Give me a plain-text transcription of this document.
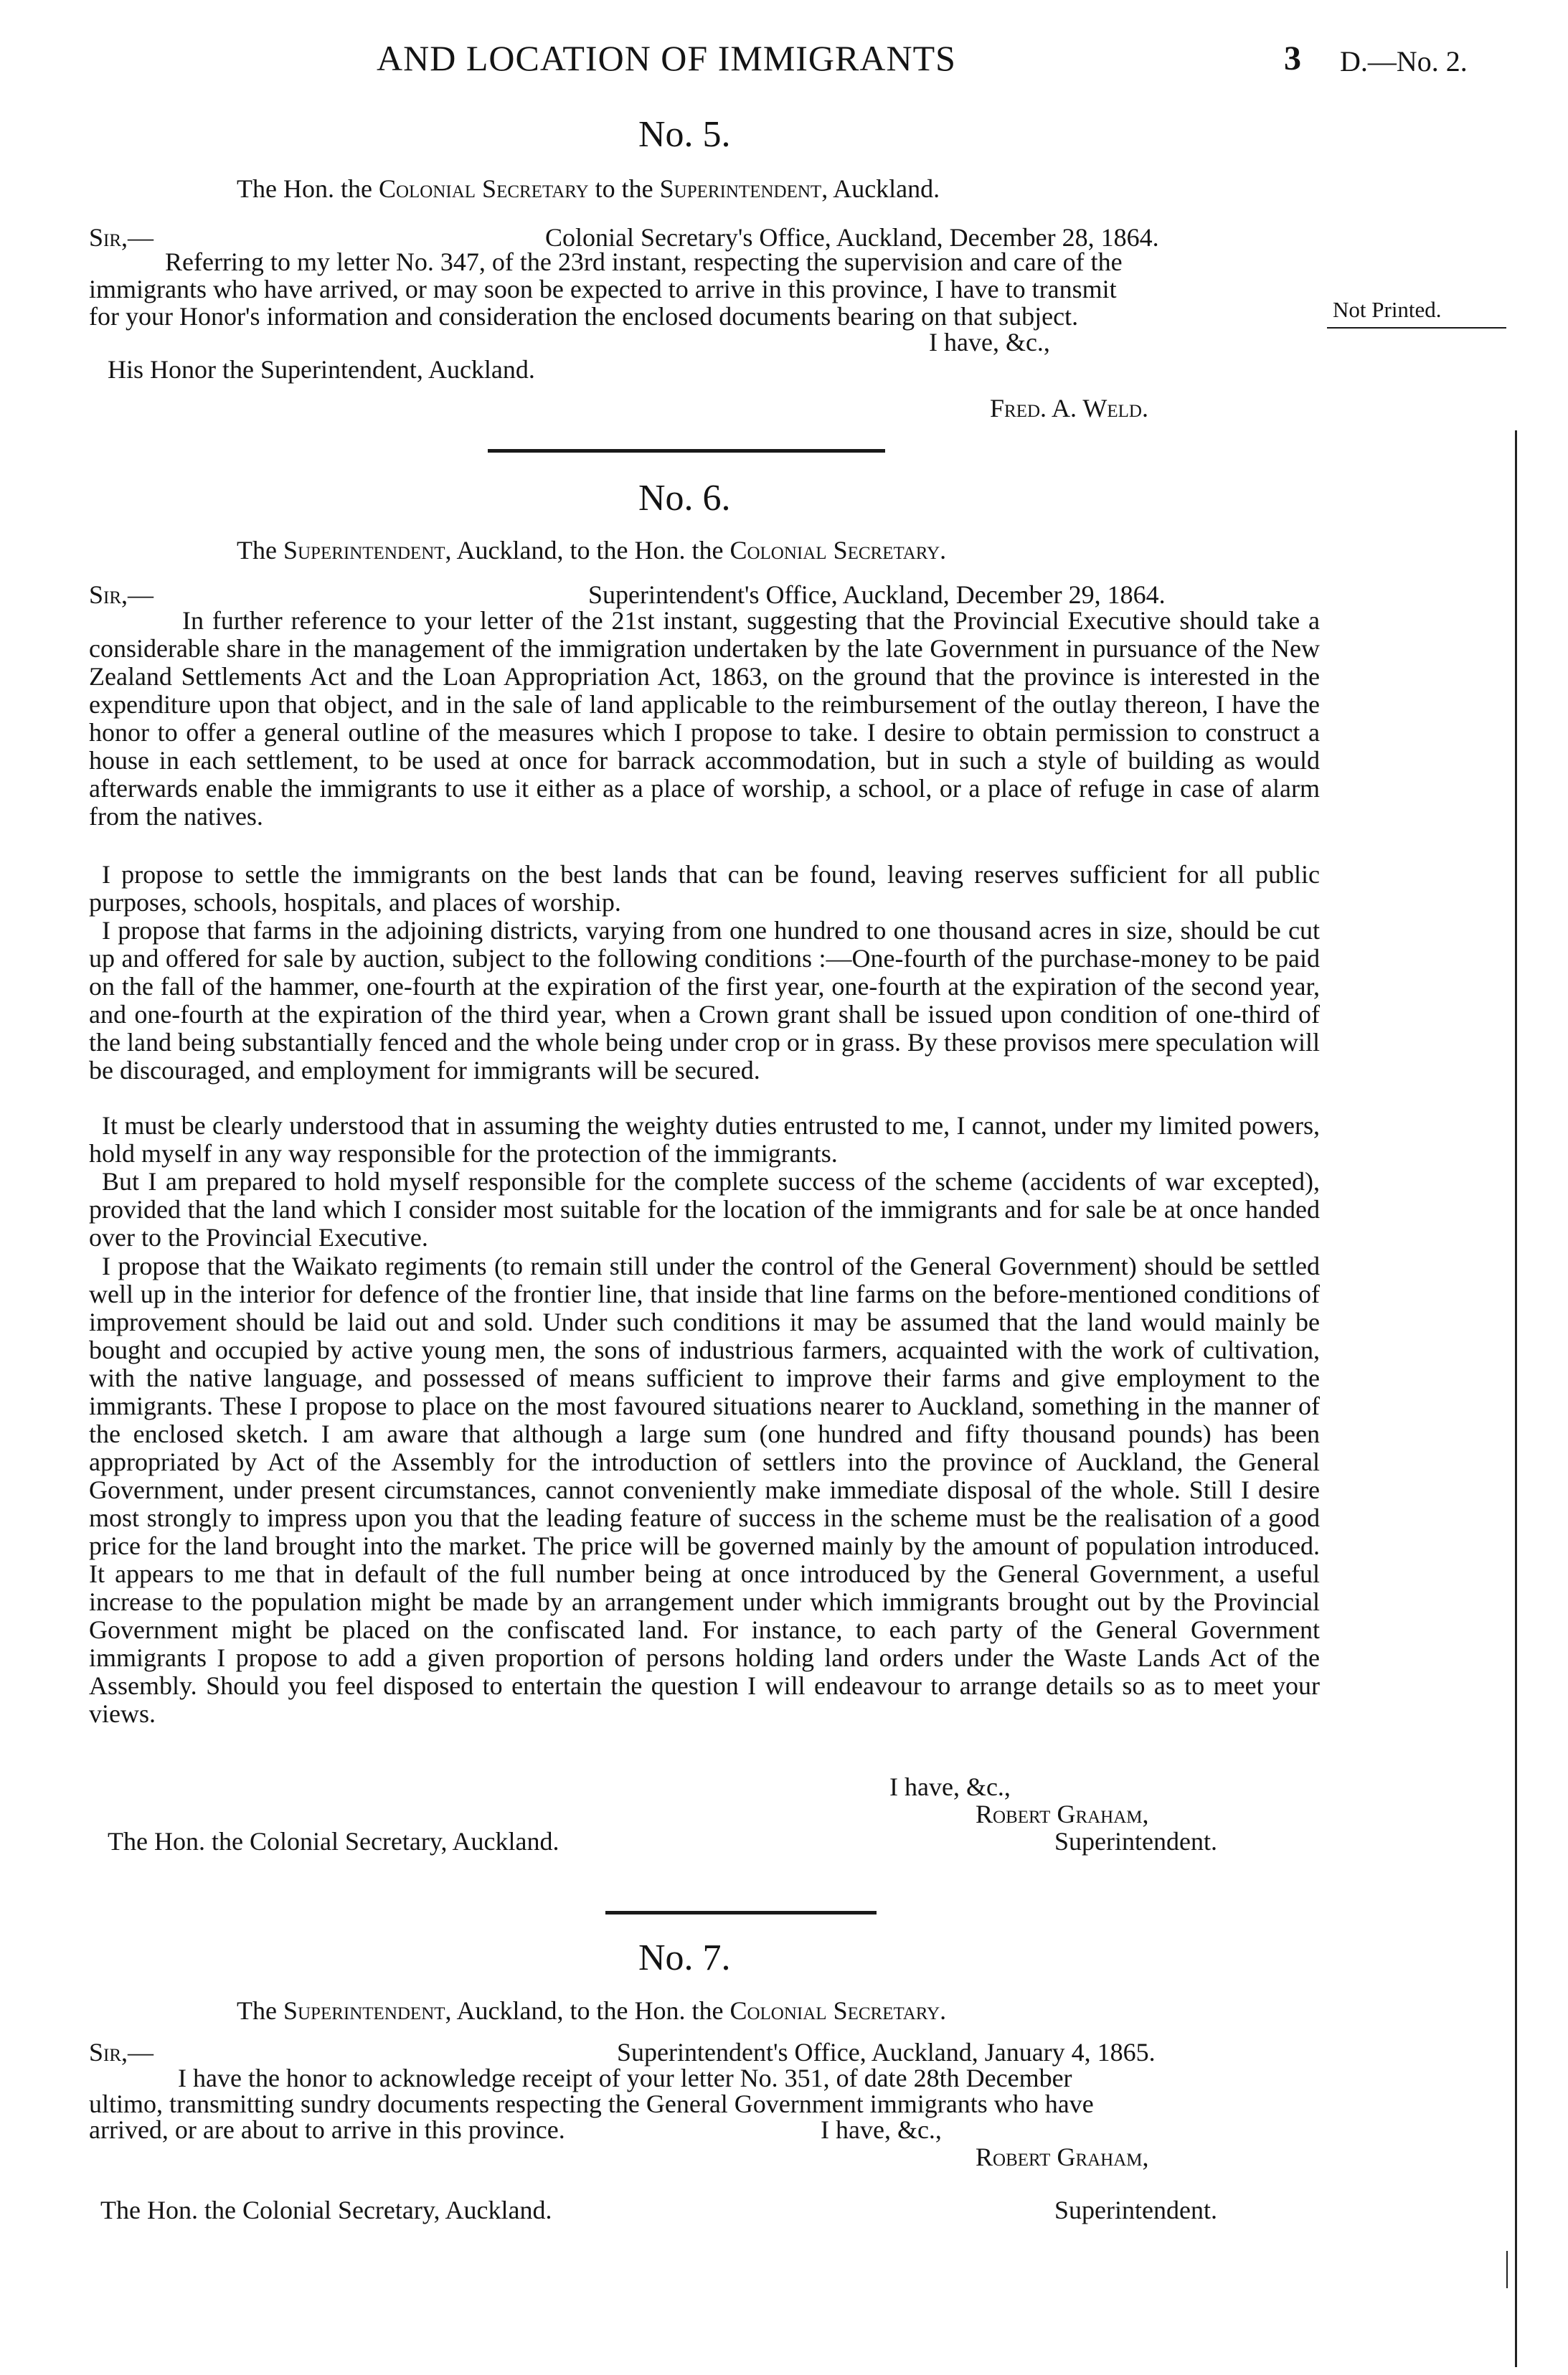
AND LOCATION OF IMMIGRANTS	3 D.—No. 2.
No. 5.
The Hon. the Colonial Secretary to the Superintendent, Auckland.
Sir,—	Colonial Secretary's Office, Auckland, December 28, 1864.
Referring to my letter No. 347, of the 23rd instant, respecting the supervision and care of the
immigrants who have arrived, or may soon be expected to arrive in this province, I have to transmit
for your Honor's information and consideration the enclosed documents bearing on that subject.
I have, &c.,
His Honor the Superintendent, Auckland.
Fred. A. Weld.
Not Printed.
No. 6.
The Superintendent, Auckland, to the Hon. the Colonial Secretary.
Sir,—	Superintendent's Office, Auckland, December 29, 1864.

In further reference to your letter of the 21st instant, suggesting that the Provincial Executive should take a considerable share in the management of the immigration undertaken by the late Government in pursuance of the New Zealand Settlements Act and the Loan Appropriation Act, 1863, on the ground that the province is interested in the expenditure upon that object, and in the sale of land applicable to the reimbursement of the outlay thereon, I have the honor to offer a general outline of the measures which I propose to take. I desire to obtain permission to construct a house in each settlement, to be used at once for barrack accommodation, but in such a style of building as would afterwards enable the immigrants to use it either as a place of worship, a school, or a place of refuge in case of alarm from the natives.

I propose to settle the immigrants on the best lands that can be found, leaving reserves sufficient for all public purposes, schools, hospitals, and places of worship.

I propose that farms in the adjoining districts, varying from one hundred to one thousand acres in size, should be cut up and offered for sale by auction, subject to the following conditions :—One-fourth of the purchase-money to be paid on the fall of the hammer, one-fourth at the expiration of the first year, one-fourth at the expiration of the second year, and one-fourth at the expiration of the third year, when a Crown grant shall be issued upon condition of one-third of the land being substantially fenced and the whole being under crop or in grass. By these provisos mere speculation will be discouraged, and employment for immigrants will be secured.

It must be clearly understood that in assuming the weighty duties entrusted to me, I cannot, under my limited powers, hold myself in any way responsible for the protection of the immigrants.

But I am prepared to hold myself responsible for the complete success of the scheme (accidents of war excepted), provided that the land which I consider most suitable for the location of the immigrants and for sale be at once handed over to the Provincial Executive.

I propose that the Waikato regiments (to remain still under the control of the General Government) should be settled well up in the interior for defence of the frontier line, that inside that line farms on the before-mentioned conditions of improvement should be laid out and sold. Under such conditions it may be assumed that the land would mainly be bought and occupied by active young men, the sons of industrious farmers, acquainted with the work of cultivation, with the native language, and possessed of means sufficient to improve their farms and give employment to the immigrants. These I propose to place on the most favoured situations nearer to Auckland, something in the manner of the enclosed sketch. I am aware that although a large sum (one hundred and fifty thousand pounds) has been appropriated by Act of the Assembly for the introduction of settlers into the province of Auckland, the General Government, under present circumstances, cannot conveniently make immediate disposal of the whole. Still I desire most strongly to impress upon you that the leading feature of success in the scheme must be the realisation of a good price for the land brought into the market. The price will be governed mainly by the amount of population introduced. It appears to me that in default of the full number being at once introduced by the General Government, a useful increase to the population might be made by an arrangement under which immigrants brought out by the Provincial Government might be placed on the confiscated land. For instance, to each party of the General Government immigrants I propose to add a given proportion of persons holding land orders under the Waste Lands Act of the Assembly. Should you feel disposed to entertain the question I will endeavour to arrange details so as to meet your views.

I have, &c.,
Robert Graham,
The Hon. the Colonial Secretary, Auckland.	Superintendent.
No. 7.
The Superintendent, Auckland, to the Hon. the Colonial Secretary.
Sir,—	Superintendent's Office, Auckland, January 4, 1865.
I have the honor to acknowledge receipt of your letter No. 351, of date 28th December
ultimo, transmitting sundry documents respecting the General Government immigrants who have
arrived, or are about to arrive in this province.	I have, &c.,
Robert Graham,
The Hon. the Colonial Secretary, Auckland.	Superintendent.
